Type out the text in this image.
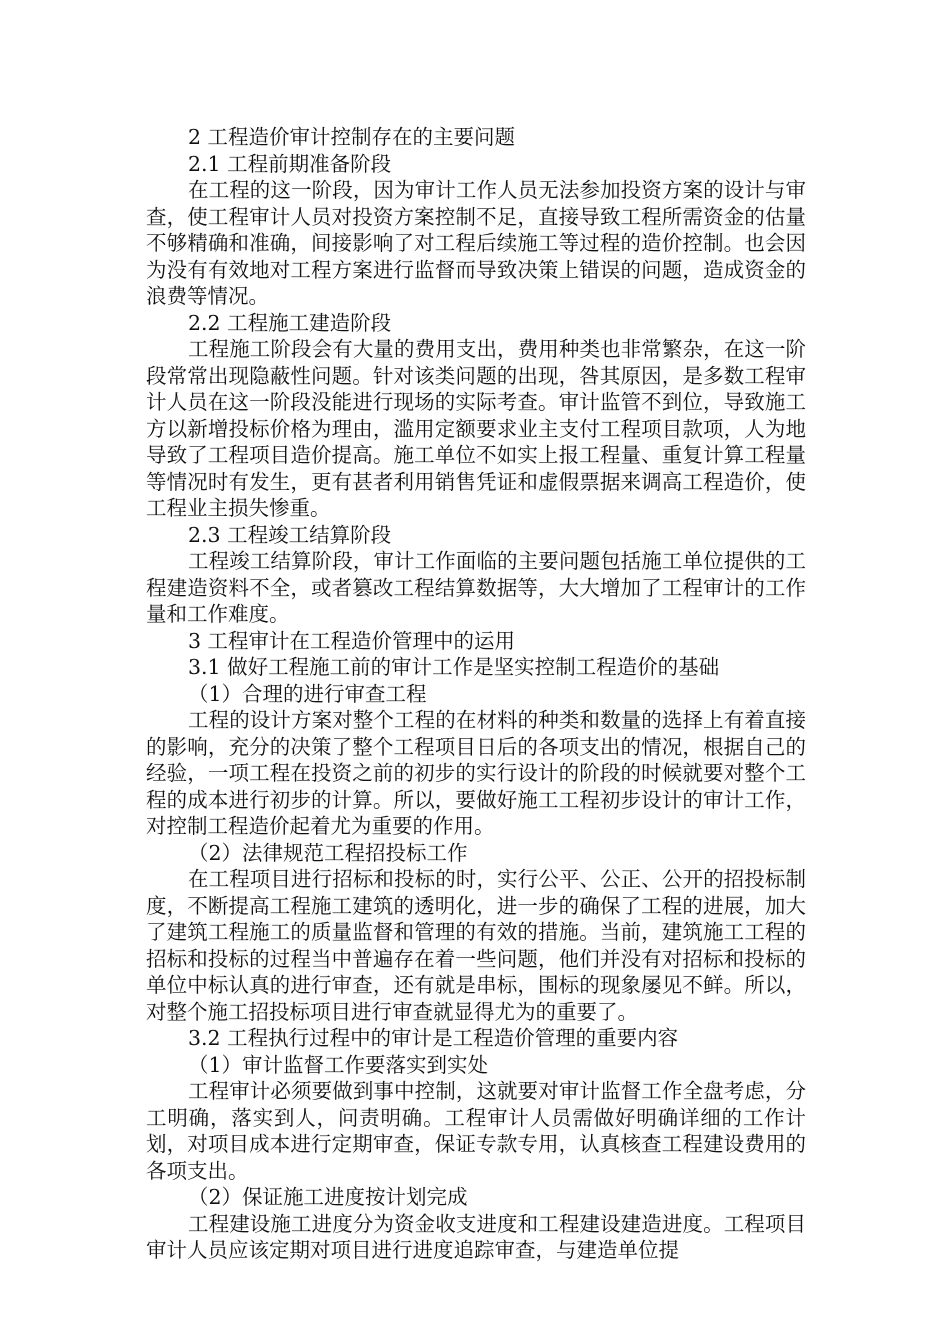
2 工程造价审计控制存在的主要问题

2.1 工程前期准备阶段

在工程的这一阶段，因为审计工作人员无法参加投资方案的设计与审查，使工程审计人员对投资方案控制不足，直接导致工程所需资金的估量不够精确和准确，间接影响了对工程后续施工等过程的造价控制。也会因为没有有效地对工程方案进行监督而导致决策上错误的问题，造成资金的浪费等情况。

2.2 工程施工建造阶段

工程施工阶段会有大量的费用支出，费用种类也非常繁杂，在这一阶段常常出现隐蔽性问题。针对该类问题的出现，咎其原因，是多数工程审计人员在这一阶段没能进行现场的实际考查。审计监管不到位，导致施工方以新增投标价格为理由，滥用定额要求业主支付工程项目款项，人为地导致了工程项目造价提高。施工单位不如实上报工程量、重复计算工程量等情况时有发生，更有甚者利用销售凭证和虚假票据来调高工程造价，使工程业主损失惨重。

2.3 工程竣工结算阶段

工程竣工结算阶段，审计工作面临的主要问题包括施工单位提供的工程建造资料不全，或者篡改工程结算数据等，大大增加了工程审计的工作量和工作难度。

3 工程审计在工程造价管理中的运用

3.1 做好工程施工前的审计工作是坚实控制工程造价的基础

（1）合理的进行审查工程

工程的设计方案对整个工程的在材料的种类和数量的选择上有着直接的影响，充分的决策了整个工程项目日后的各项支出的情况，根据自己的经验，一项工程在投资之前的初步的实行设计的阶段的时候就要对整个工程的成本进行初步的计算。所以，要做好施工工程初步设计的审计工作，对控制工程造价起着尤为重要的作用。

（2）法律规范工程招投标工作

在工程项目进行招标和投标的时，实行公平、公正、公开的招投标制度，不断提高工程施工建筑的透明化，进一步的确保了工程的进展，加大了建筑工程施工的质量监督和管理的有效的措施。当前，建筑施工工程的招标和投标的过程当中普遍存在着一些问题，他们并没有对招标和投标的单位中标认真的进行审查，还有就是串标，围标的现象屡见不鲜。所以，对整个施工招投标项目进行审查就显得尤为的重要了。

3.2 工程执行过程中的审计是工程造价管理的重要内容

（1）审计监督工作要落实到实处

工程审计必须要做到事中控制，这就要对审计监督工作全盘考虑，分工明确，落实到人，问责明确。工程审计人员需做好明确详细的工作计划，对项目成本进行定期审查，保证专款专用，认真核查工程建设费用的各项支出。

（2）保证施工进度按计划完成

工程建设施工进度分为资金收支进度和工程建设建造进度。工程项目审计人员应该定期对项目进行进度追踪审查，与建造单位提
